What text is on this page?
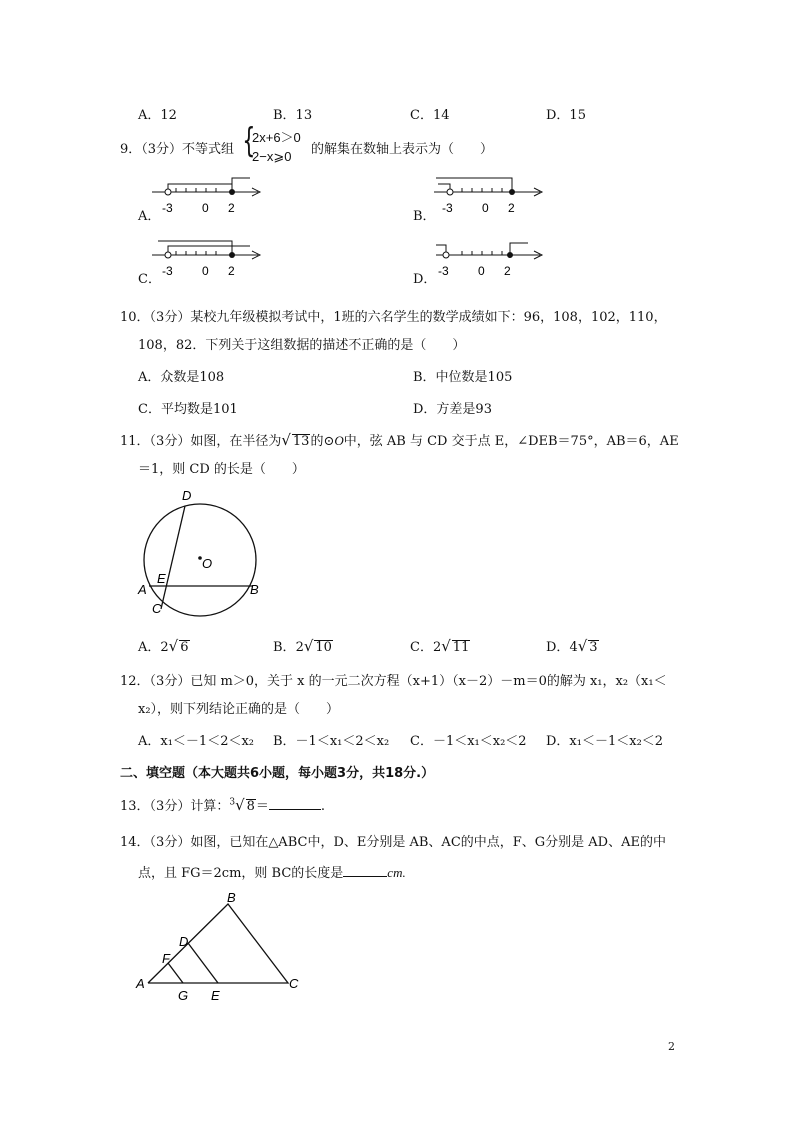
A．12	B．13	C．14	D．15
9．（3分）不等式组 {
2x+6＞0
2−x⩾0 的解集在数轴上表示为（　　）
A．
-3 0 2
B．
-3 0 2
C．
-3 0 2
D．
-3 0 2
10．（3分）某校九年级模拟考试中，1班的六名学生的数学成绩如下：96，108，102，110，
108，82．下列关于这组数据的描述不正确的是（　　）
A．众数是108	B．中位数是105
C．平均数是101	D．方差是93
11．（3分）如图，在半径为√ 13的⊙O中，弦 AB 与 CD 交于点 E，∠DEB＝75°，AB＝6，AE
＝1，则 CD 的长是（　　）
D
O
A
E
B
C
A．2√ 6	B．2√ 10	C．2√ 11	D．4√ 3
12．（3分）已知 m＞0，关于 x 的一元二次方程（x+1）（x－2）－m＝0的解为 x₁，x₂（x₁＜
x₂），则下列结论正确的是（　　）
A．x₁＜－1＜2＜x₂ B．－1＜x₁＜2＜x₂ C．－1＜x₁＜x₂＜2 D．x₁＜－1＜x₂＜2
二、填空题（本大题共6小题，每小题3分，共18分.）
13．（3分）计算：$^3$√ 8＝	.
14．（3分）如图，已知在△ABC中，D、E分别是 AB、AC的中点，F、G分别是 AD、AE的中
点，且 FG＝2cm，则 BC的长度是	cm.
B
D
F
A
G E
C
2
